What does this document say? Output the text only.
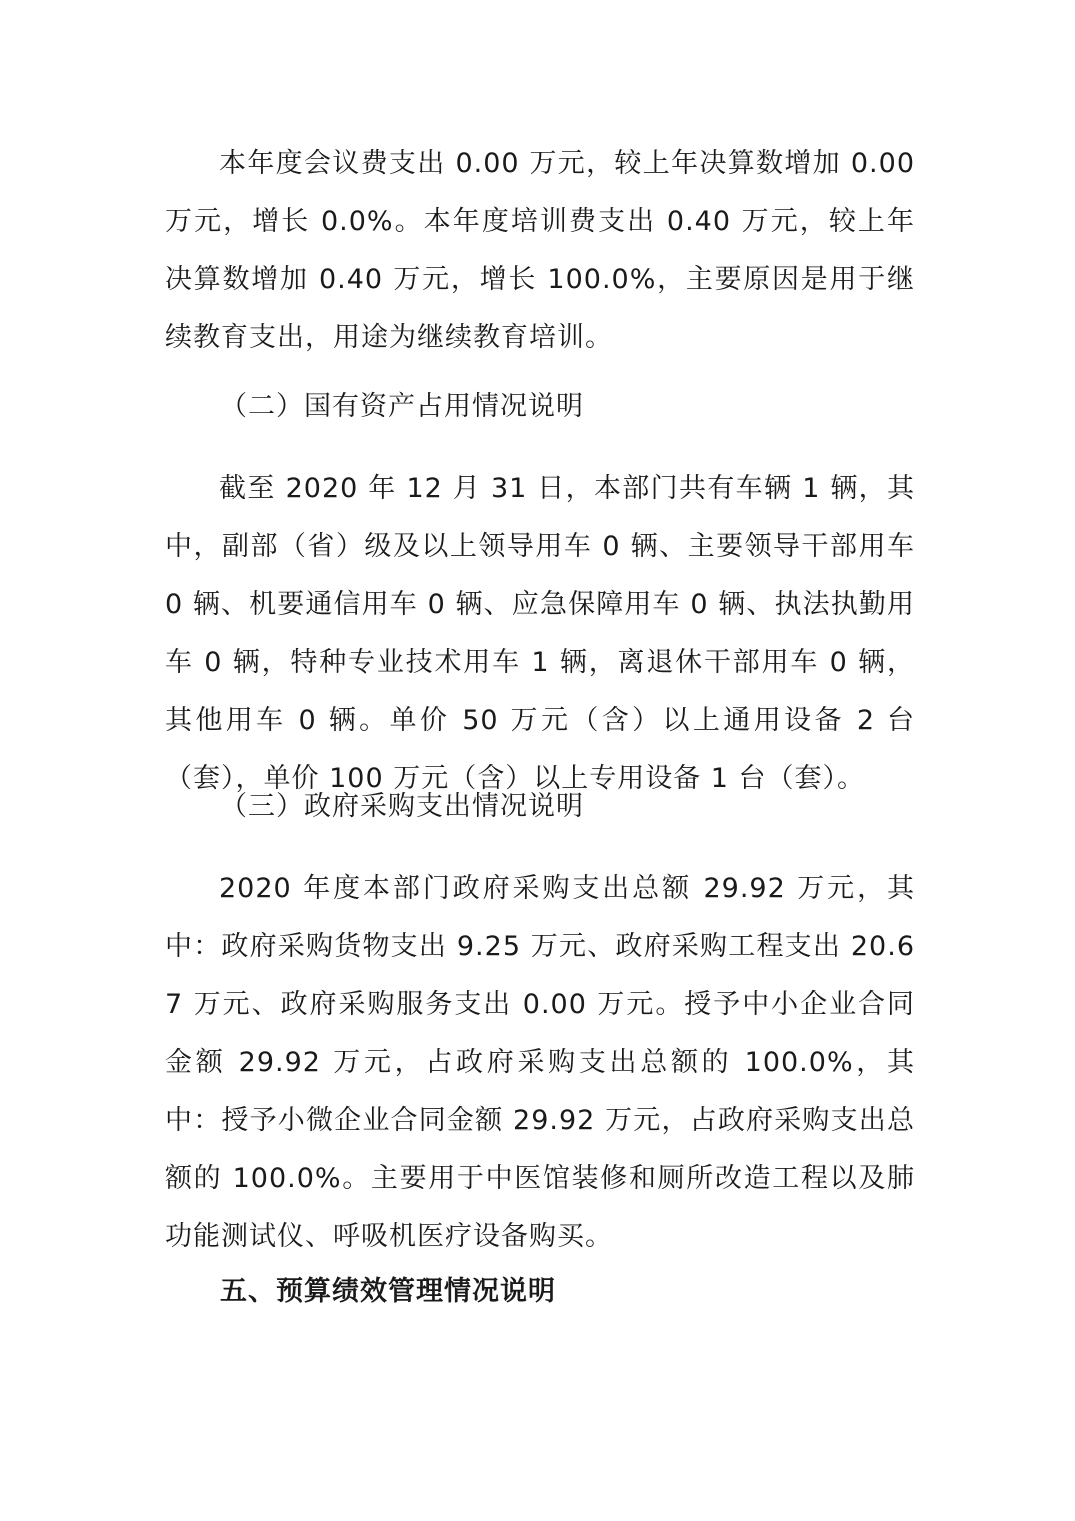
本年度会议费支出 0.00 万元，较上年决算数增加 0.00 万元，增长 0.0%。本年度培训费支出 0.40 万元，较上年决算数增加 0.40 万元，增长 100.0%，主要原因是用于继续教育支出，用途为继续教育培训。

（二）国有资产占用情况说明

截至 2020 年 12 月 31 日，本部门共有车辆 1 辆，其中，副部（省）级及以上领导用车 0 辆、主要领导干部用车 0 辆、机要通信用车 0 辆、应急保障用车 0 辆、执法执勤用车 0 辆，特种专业技术用车 1 辆，离退休干部用车 0 辆，其他用车 0 辆。单价 50 万元（含）以上通用设备 2 台（套），单价 100 万元（含）以上专用设备 1 台（套）。

（三）政府采购支出情况说明

2020 年度本部门政府采购支出总额 29.92 万元，其中：政府采购货物支出 9.25 万元、政府采购工程支出 20.67 万元、政府采购服务支出 0.00 万元。授予中小企业合同金额 29.92 万元，占政府采购支出总额的 100.0%，其中：授予小微企业合同金额 29.92 万元，占政府采购支出总额的 100.0%。主要用于中医馆装修和厕所改造工程以及肺功能测试仪、呼吸机医疗设备购买。

五、预算绩效管理情况说明
